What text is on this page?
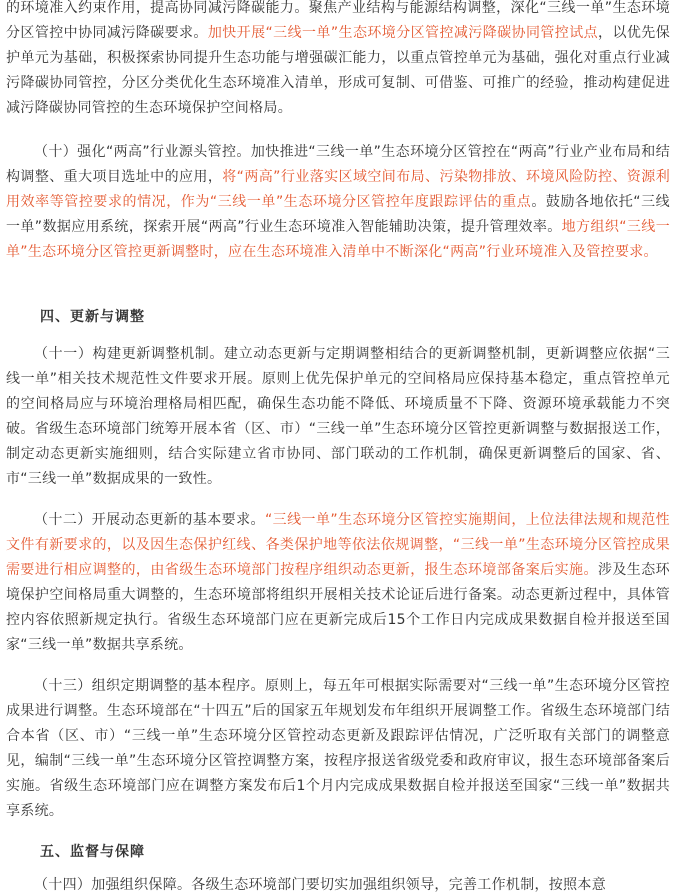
的环境准入约束作用，提高协同减污降碳能力。聚焦产业结构与能源结构调整，深化“三线一单”生态环境分区管控中协同减污降碳要求。加快开展“三线一单”生态环境分区管控减污降碳协同管控试点，以优先保护单元为基础，积极探索协同提升生态功能与增强碳汇能力，以重点管控单元为基础，强化对重点行业减污降碳协同管控，分区分类优化生态环境准入清单，形成可复制、可借鉴、可推广的经验，推动构建促进减污降碳协同管控的生态环境保护空间格局。

（十）强化“两高”行业源头管控。加快推进“三线一单”生态环境分区管控在“两高”行业产业布局和结构调整、重大项目选址中的应用，将“两高”行业落实区域空间布局、污染物排放、环境风险防控、资源利用效率等管控要求的情况，作为“三线一单”生态环境分区管控年度跟踪评估的重点。鼓励各地依托“三线一单”数据应用系统，探索开展“两高”行业生态环境准入智能辅助决策，提升管理效率。地方组织“三线一单”生态环境分区管控更新调整时，应在生态环境准入清单中不断深化“两高”行业环境准入及管控要求。

四、更新与调整

（十一）构建更新调整机制。建立动态更新与定期调整相结合的更新调整机制，更新调整应依据“三线一单”相关技术规范性文件要求开展。原则上优先保护单元的空间格局应保持基本稳定，重点管控单元的空间格局应与环境治理格局相匹配，确保生态功能不降低、环境质量不下降、资源环境承载能力不突破。省级生态环境部门统筹开展本省（区、市）“三线一单”生态环境分区管控更新调整与数据报送工作，制定动态更新实施细则，结合实际建立省市协同、部门联动的工作机制，确保更新调整后的国家、省、市“三线一单”数据成果的一致性。

（十二）开展动态更新的基本要求。“三线一单”生态环境分区管控实施期间，上位法律法规和规范性文件有新要求的，以及因生态保护红线、各类保护地等依法依规调整，“三线一单”生态环境分区管控成果需要进行相应调整的，由省级生态环境部门按程序组织动态更新，报生态环境部备案后实施。涉及生态环境保护空间格局重大调整的，生态环境部将组织开展相关技术论证后进行备案。动态更新过程中，具体管控内容依照新规定执行。省级生态环境部门应在更新完成后15个工作日内完成成果数据自检并报送至国家“三线一单”数据共享系统。

（十三）组织定期调整的基本程序。原则上，每五年可根据实际需要对“三线一单”生态环境分区管控成果进行调整。生态环境部在“十四五”后的国家五年规划发布年组织开展调整工作。省级生态环境部门结合本省（区、市）“三线一单”生态环境分区管控动态更新及跟踪评估情况，广泛听取有关部门的调整意见，编制“三线一单”生态环境分区管控调整方案，按程序报送省级党委和政府审议，报生态环境部备案后实施。省级生态环境部门应在调整方案发布后1个月内完成成果数据自检并报送至国家“三线一单”数据共享系统。

五、监督与保障

（十四）加强组织保障。各级生态环境部门要切实加强组织领导，完善工作机制，按照本意
